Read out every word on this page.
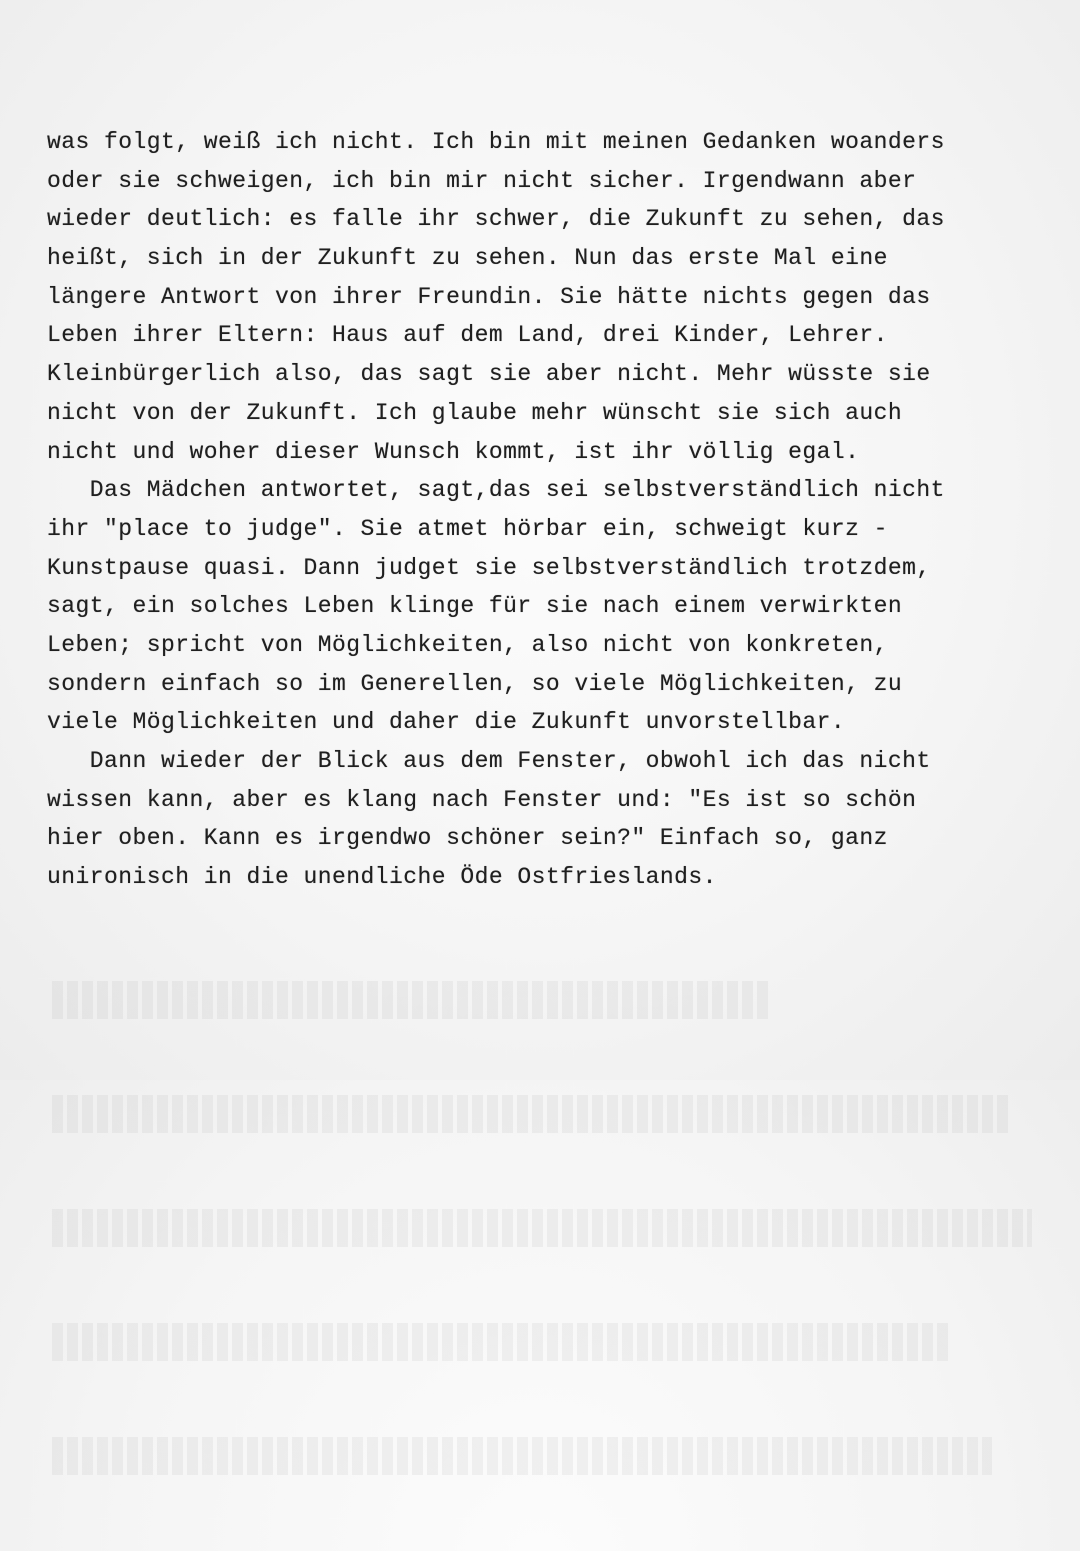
was folgt, weiß ich nicht. Ich bin mit meinen Gedanken woanders
oder sie schweigen, ich bin mir nicht sicher. Irgendwann aber
wieder deutlich: es falle ihr schwer, die Zukunft zu sehen, das
heißt, sich in der Zukunft zu sehen. Nun das erste Mal eine
längere Antwort von ihrer Freundin. Sie hätte nichts gegen das
Leben ihrer Eltern: Haus auf dem Land, drei Kinder, Lehrer.
Kleinbürgerlich also, das sagt sie aber nicht. Mehr wüsste sie
nicht von der Zukunft. Ich glaube mehr wünscht sie sich auch
nicht und woher dieser Wunsch kommt, ist ihr völlig egal.
Das Mädchen antwortet, sagt,das sei selbstverständlich nicht
ihr "place to judge". Sie atmet hörbar ein, schweigt kurz -
Kunstpause quasi. Dann judget sie selbstverständlich trotzdem,
sagt, ein solches Leben klinge für sie nach einem verwirkten
Leben; spricht von Möglichkeiten, also nicht von konkreten,
sondern einfach so im Generellen, so viele Möglichkeiten, zu
viele Möglichkeiten und daher die Zukunft unvorstellbar.
Dann wieder der Blick aus dem Fenster, obwohl ich das nicht
wissen kann, aber es klang nach Fenster und: "Es ist so schön
hier oben. Kann es irgendwo schöner sein?" Einfach so, ganz
unironisch in die unendliche Öde Ostfrieslands.
